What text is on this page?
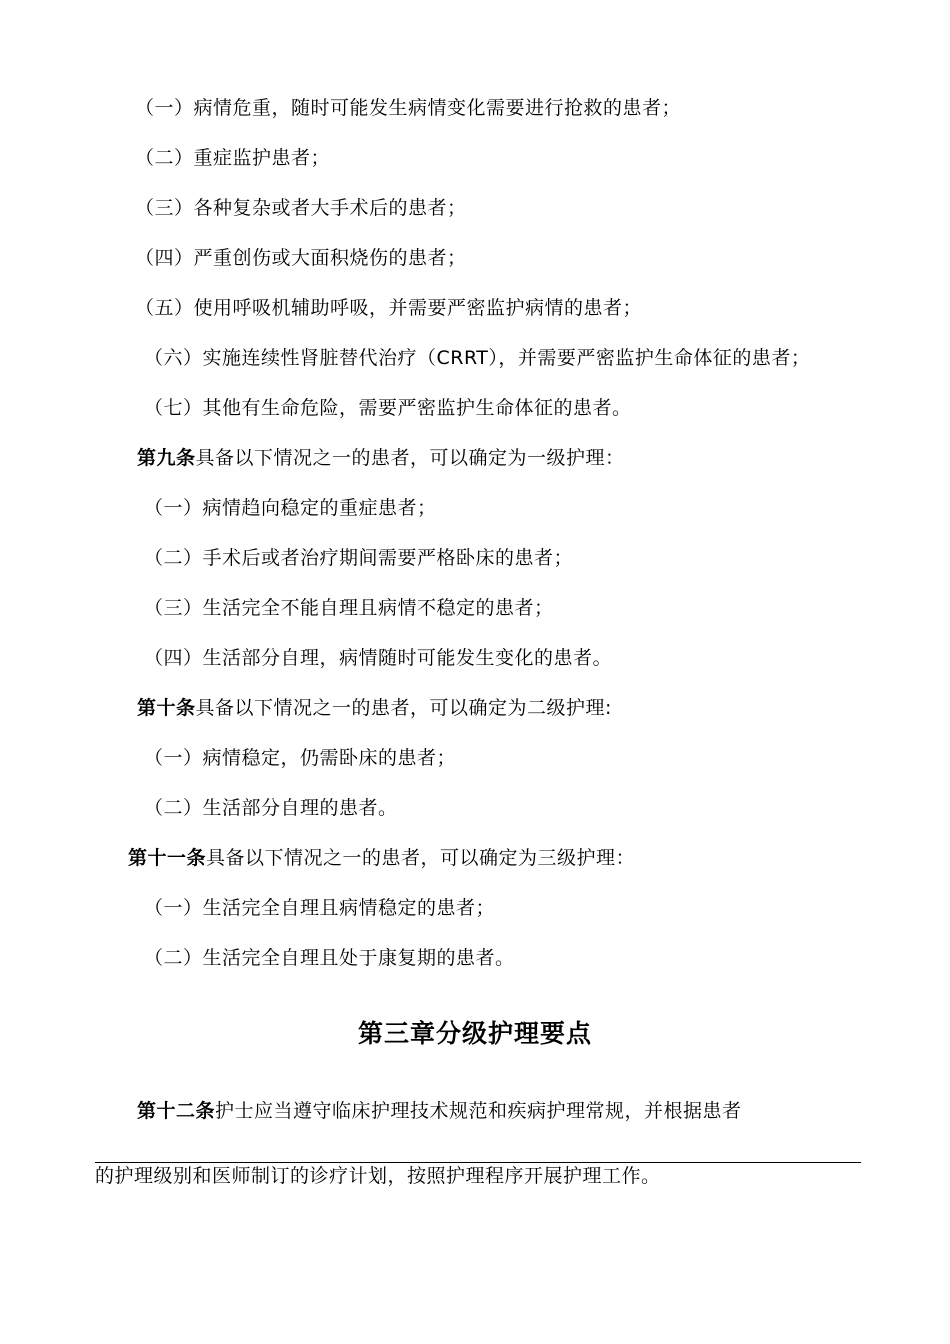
（一）病情危重，随时可能发生病情变化需要进行抢救的患者；
（二）重症监护患者；
（三）各种复杂或者大手术后的患者；
（四）严重创伤或大面积烧伤的患者；
（五）使用呼吸机辅助呼吸，并需要严密监护病情的患者；
（六）实施连续性肾脏替代治疗（CRRT），并需要严密监护生命体征的患者；
（七）其他有生命危险，需要严密监护生命体征的患者。
第九条具备以下情况之一的患者，可以确定为一级护理：
（一）病情趋向稳定的重症患者；
（二）手术后或者治疗期间需要严格卧床的患者；
（三）生活完全不能自理且病情不稳定的患者；
（四）生活部分自理，病情随时可能发生变化的患者。
第十条具备以下情况之一的患者，可以确定为二级护理:
（一）病情稳定，仍需卧床的患者；
（二）生活部分自理的患者。
第十一条具备以下情况之一的患者，可以确定为三级护理：
（一）生活完全自理且病情稳定的患者；
（二）生活完全自理且处于康复期的患者。
第三章分级护理要点
第十二条护士应当遵守临床护理技术规范和疾病护理常规，并根据患者
的护理级别和医师制订的诊疗计划，按照护理程序开展护理工作。
